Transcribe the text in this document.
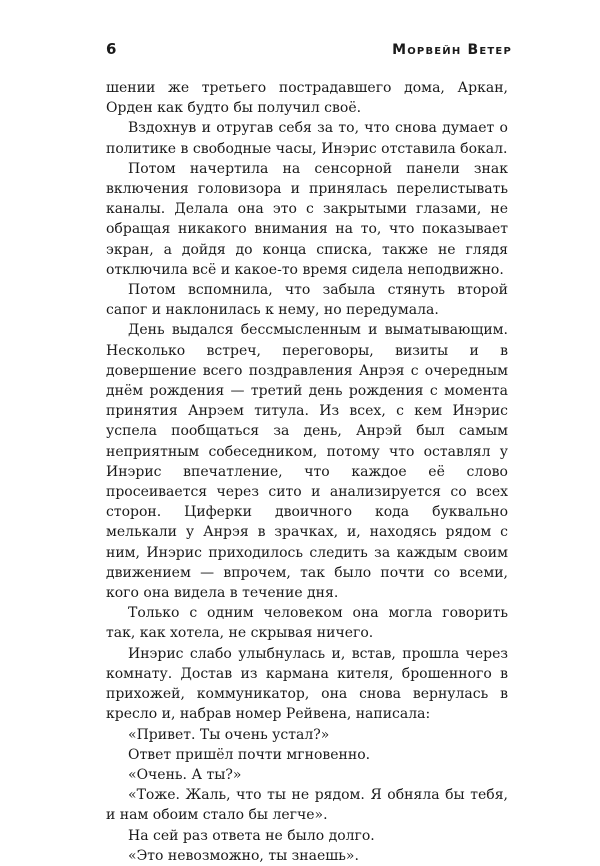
6	Морвейн Ветер

шении же третьего пострадавшего дома, Аркан, Орден как будто бы получил своё.

Вздохнув и отругав себя за то, что снова думает о политике в свободные часы, Инэрис отставила бокал.

Потом начертила на сенсорной панели знак включения головизора и принялась перелистывать каналы. Делала она это с закрытыми глазами, не обращая никакого внимания на то, что показывает экран, а дойдя до конца списка, также не глядя отключила всё и какое-то время сидела неподвижно.

Потом вспомнила, что забыла стянуть второй сапог и наклонилась к нему, но передумала.

День выдался бессмысленным и выматывающим. Несколько встреч, переговоры, визиты и в довершение всего поздравления Анрэя с очередным днём рождения — третий день рождения с момента принятия Анрэем титула. Из всех, с кем Инэрис успела пообщаться за день, Анрэй был самым неприятным собеседником, потому что оставлял у Инэрис впечатление, что каждое её слово просеивается через сито и анализируется со всех сторон. Циферки двоичного кода буквально мелькали у Анрэя в зрачках, и, находясь рядом с ним, Инэрис приходилось следить за каждым своим движением — впрочем, так было почти со всеми, кого она видела в течение дня.

Только с одним человеком она могла говорить так, как хотела, не скрывая ничего.

Инэрис слабо улыбнулась и, встав, прошла через комнату. Достав из кармана кителя, брошенного в прихожей, коммуникатор, она снова вернулась в кресло и, набрав номер Рейвена, написала:

«Привет. Ты очень устал?»

Ответ пришёл почти мгновенно.

«Очень. А ты?»

«Тоже. Жаль, что ты не рядом. Я обняла бы тебя, и нам обоим стало бы легче».

На сей раз ответа не было долго.

«Это невозможно, ты знаешь».
